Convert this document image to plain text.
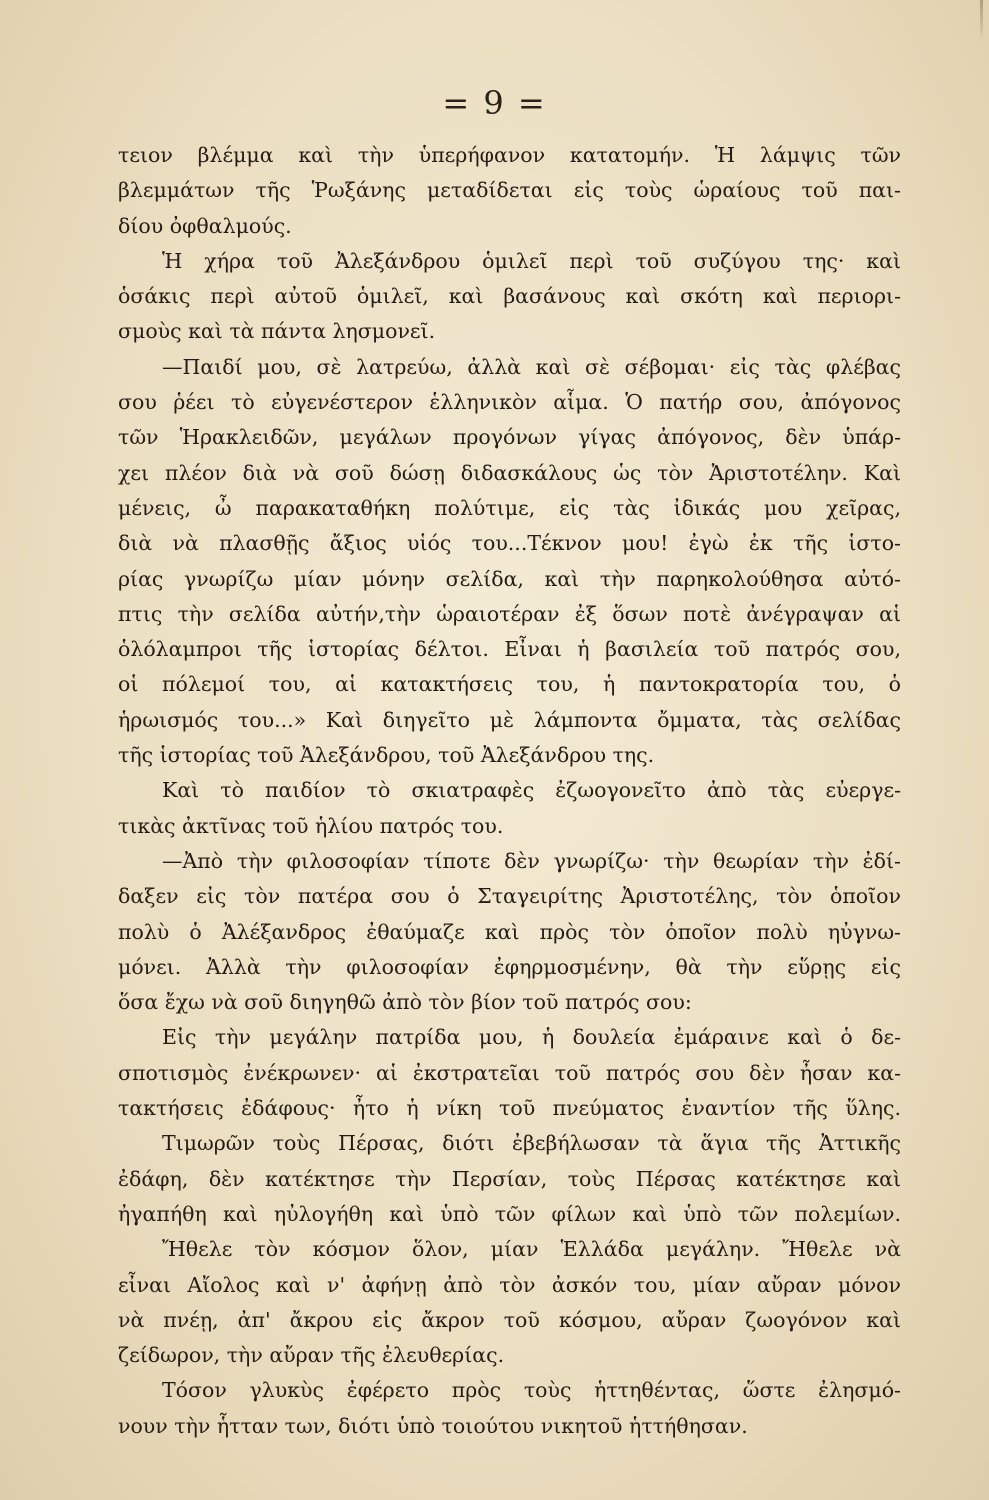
= 9 =
τειον βλέμμα καὶ τὴν ὑπερήφανον κατατομήν. Ἡ λάμψις τῶν
βλεμμάτων τῆς Ῥωξάνης μεταδίδεται εἰς τοὺς ὡραίους τοῦ παι-
δίου ὀφθαλμούς.
Ἡ χήρα τοῦ Ἀλεξάνδρου ὁμιλεῖ περὶ τοῦ συζύγου της· καὶ
ὁσάκις περὶ αὐτοῦ ὁμιλεῖ, καὶ βασάνους καὶ σκότη καὶ περιορι-
σμοὺς καὶ τὰ πάντα λησμονεῖ.
—Παιδί μου, σὲ λατρεύω, ἀλλὰ καὶ σὲ σέβομαι· εἰς τὰς φλέβας
σου ῥέει τὸ εὐγενέστερον ἑλληνικὸν αἷμα. Ὁ πατήρ σου, ἀπόγονος
τῶν Ἡρακλειδῶν, μεγάλων προγόνων γίγας ἀπόγονος, δὲν ὑπάρ-
χει πλέον διὰ νὰ σοῦ δώσῃ διδασκάλους ὡς τὸν Ἀριστοτέλην. Καὶ
μένεις, ὦ παρακαταθήκη πολύτιμε, εἰς τὰς ἰδικάς μου χεῖρας,
διὰ νὰ πλασθῇς ἄξιος υἱός του...Τέκνον μου! ἐγὼ ἐκ τῆς ἱστο-
ρίας γνωρίζω μίαν μόνην σελίδα, καὶ τὴν παρηκολούθησα αὐτό-
πτις τὴν σελίδα αὐτήν,τὴν ὡραιοτέραν ἐξ ὅσων ποτὲ ἀνέγραψαν αἱ
ὁλόλαμπροι τῆς ἱστορίας δέλτοι. Εἶναι ἡ βασιλεία τοῦ πατρός σου,
οἱ πόλεμοί του, αἱ κατακτήσεις του, ἡ παντοκρατορία του, ὁ
ἡρωισμός του...» Καὶ διηγεῖτο μὲ λάμποντα ὄμματα, τὰς σελίδας
τῆς ἱστορίας τοῦ Ἀλεξάνδρου, τοῦ Ἀλεξάνδρου της.
Καὶ τὸ παιδίον τὸ σκιατραφὲς ἐζωογονεῖτο ἀπὸ τὰς εὐεργε-
τικὰς ἀκτῖνας τοῦ ἡλίου πατρός του.
—Ἀπὸ τὴν φιλοσοφίαν τίποτε δὲν γνωρίζω· τὴν θεωρίαν τὴν ἐδί-
δαξεν εἰς τὸν πατέρα σου ὁ Σταγειρίτης Ἀριστοτέλης, τὸν ὁποῖον
πολὺ ὁ Ἀλέξανδρος ἐθαύμαζε καὶ πρὸς τὸν ὁποῖον πολὺ ηὐγνω-
μόνει. Ἀλλὰ τὴν φιλοσοφίαν ἐφηρμοσμένην, θὰ τὴν εὕρῃς εἰς
ὅσα ἔχω νὰ σοῦ διηγηθῶ ἀπὸ τὸν βίον τοῦ πατρός σου:
Εἰς τὴν μεγάλην πατρίδα μου, ἡ δουλεία ἐμάραινε καὶ ὁ δε-
σποτισμὸς ἐνέκρωνεν· αἱ ἐκστρατεῖαι τοῦ πατρός σου δὲν ἦσαν κα-
τακτήσεις ἐδάφους· ἦτο ἡ νίκη τοῦ πνεύματος ἐναντίον τῆς ὕλης.
Τιμωρῶν τοὺς Πέρσας, διότι ἐβεβήλωσαν τὰ ἅγια τῆς Ἀττικῆς
ἐδάφη, δὲν κατέκτησε τὴν Περσίαν, τοὺς Πέρσας κατέκτησε καὶ
ἠγαπήθη καὶ ηὐλογήθη καὶ ὑπὸ τῶν φίλων καὶ ὑπὸ τῶν πολεμίων.
Ἤθελε τὸν κόσμον ὅλον, μίαν Ἑλλάδα μεγάλην. Ἤθελε νὰ
εἶναι Αἴολος καὶ ν' ἀφήνῃ ἀπὸ τὸν ἀσκόν του, μίαν αὔραν μόνον
νὰ πνέῃ, ἀπ' ἄκρου εἰς ἄκρον τοῦ κόσμου, αὔραν ζωογόνον καὶ
ζείδωρον, τὴν αὔραν τῆς ἐλευθερίας.
Τόσον γλυκὺς ἐφέρετο πρὸς τοὺς ἡττηθέντας, ὥστε ἐλησμό-
νουν τὴν ἧτταν των, διότι ὑπὸ τοιούτου νικητοῦ ἡττήθησαν.
